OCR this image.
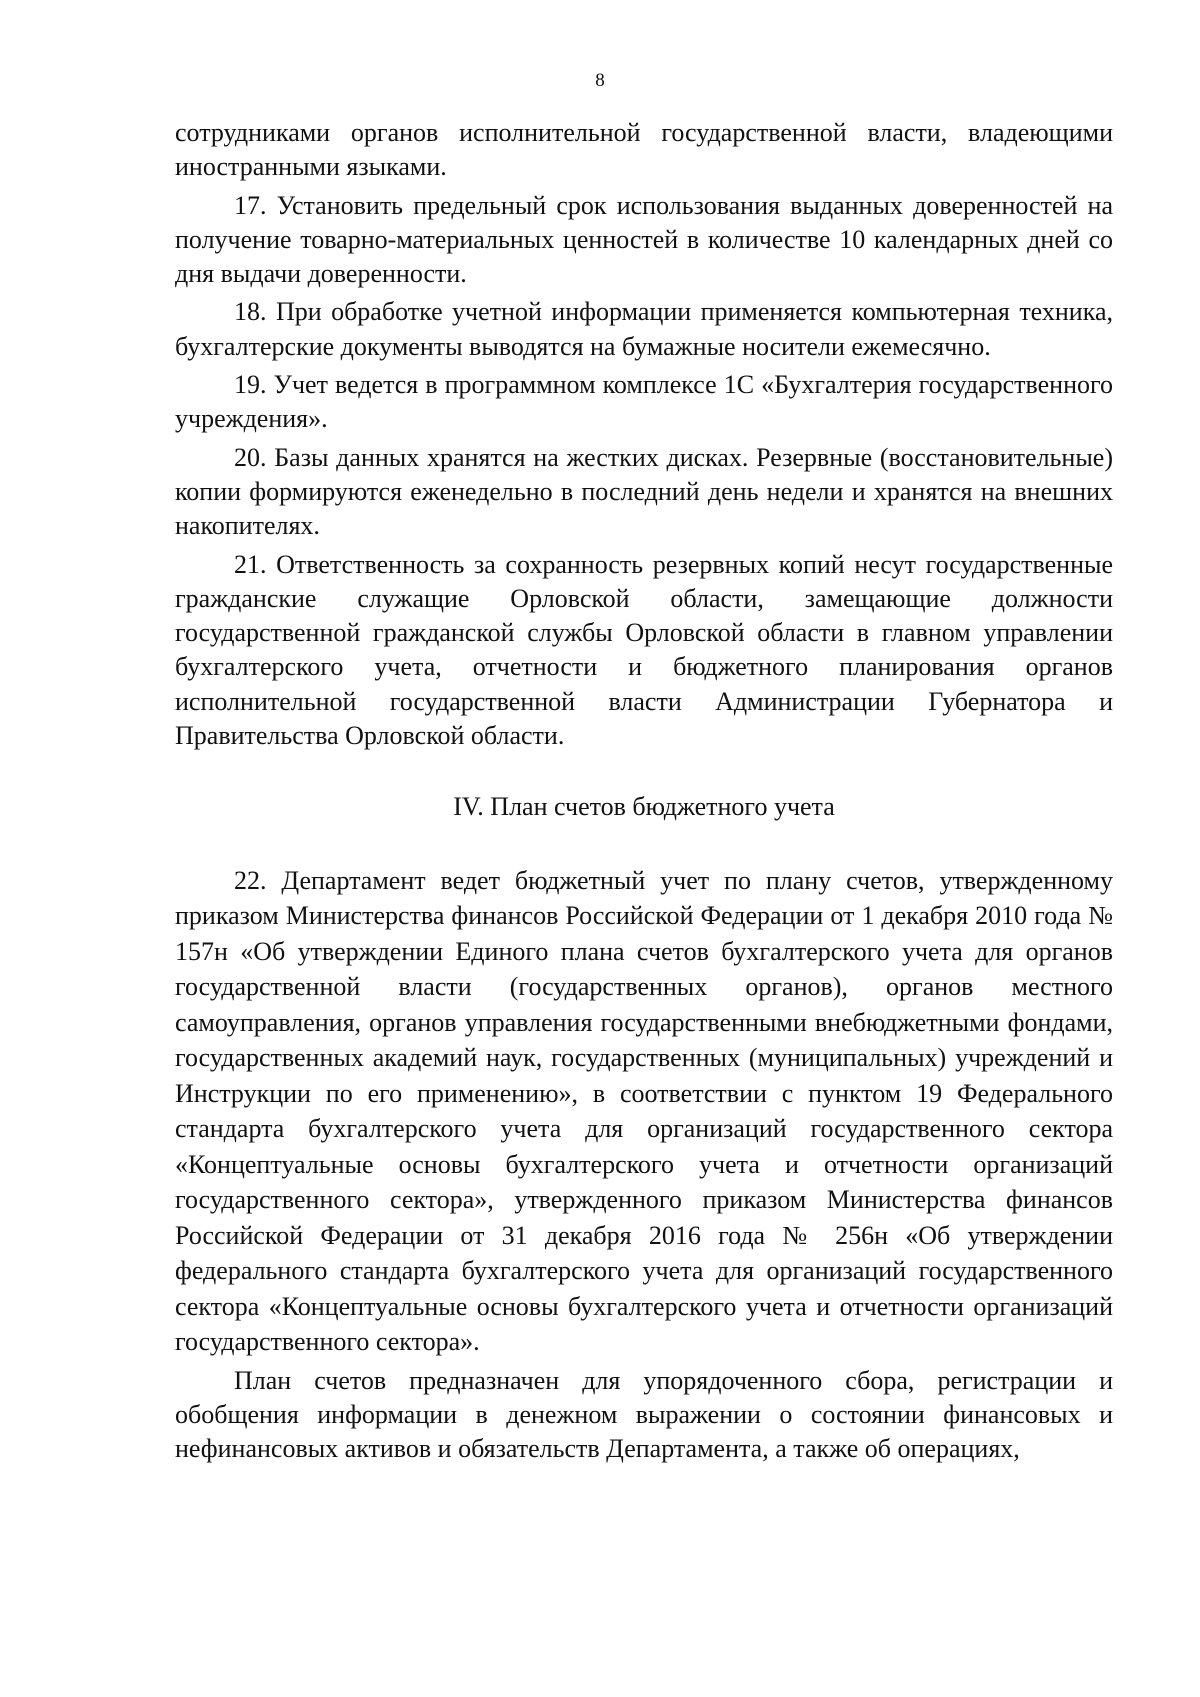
8

сотрудниками органов исполнительной государственной власти, владеющими иностранными языками.

17. Установить предельный срок использования выданных доверенностей на получение товарно-материальных ценностей в количестве 10 календарных дней со дня выдачи доверенности.

18. При обработке учетной информации применяется компьютерная техника, бухгалтерские документы выводятся на бумажные носители ежемесячно.

19. Учет ведется в программном комплексе 1С «Бухгалтерия государственного учреждения».

20. Базы данных хранятся на жестких дисках. Резервные (восстановительные) копии формируются еженедельно в последний день недели и хранятся на внешних накопителях.

21. Ответственность за сохранность резервных копий несут государственные гражданские служащие Орловской области, замещающие должности государственной гражданской службы Орловской области в главном управлении бухгалтерского учета, отчетности и бюджетного планирования органов исполнительной государственной власти Администрации Губернатора и Правительства Орловской области.

IV. План счетов бюджетного учета

22. Департамент ведет бюджетный учет по плану счетов, утвержденному приказом Министерства финансов Российской Федерации от 1 декабря 2010 года № 157н «Об утверждении Единого плана счетов бухгалтерского учета для органов государственной власти (государственных органов), органов местного самоуправления, органов управления государственными внебюджетными фондами, государственных академий наук, государственных (муниципальных) учреждений и Инструкции по его применению», в соответствии с пунктом 19 Федерального стандарта бухгалтерского учета для организаций государственного сектора «Концептуальные основы бухгалтерского учета и отчетности организаций государственного сектора», утвержденного приказом Министерства финансов Российской Федерации от 31 декабря 2016 года № 256н «Об утверждении федерального стандарта бухгалтерского учета для организаций государственного сектора «Концептуальные основы бухгалтерского учета и отчетности организаций государственного сектора».

План счетов предназначен для упорядоченного сбора, регистрации и обобщения информации в денежном выражении о состоянии финансовых и нефинансовых активов и обязательств Департамента, а также об операциях,
